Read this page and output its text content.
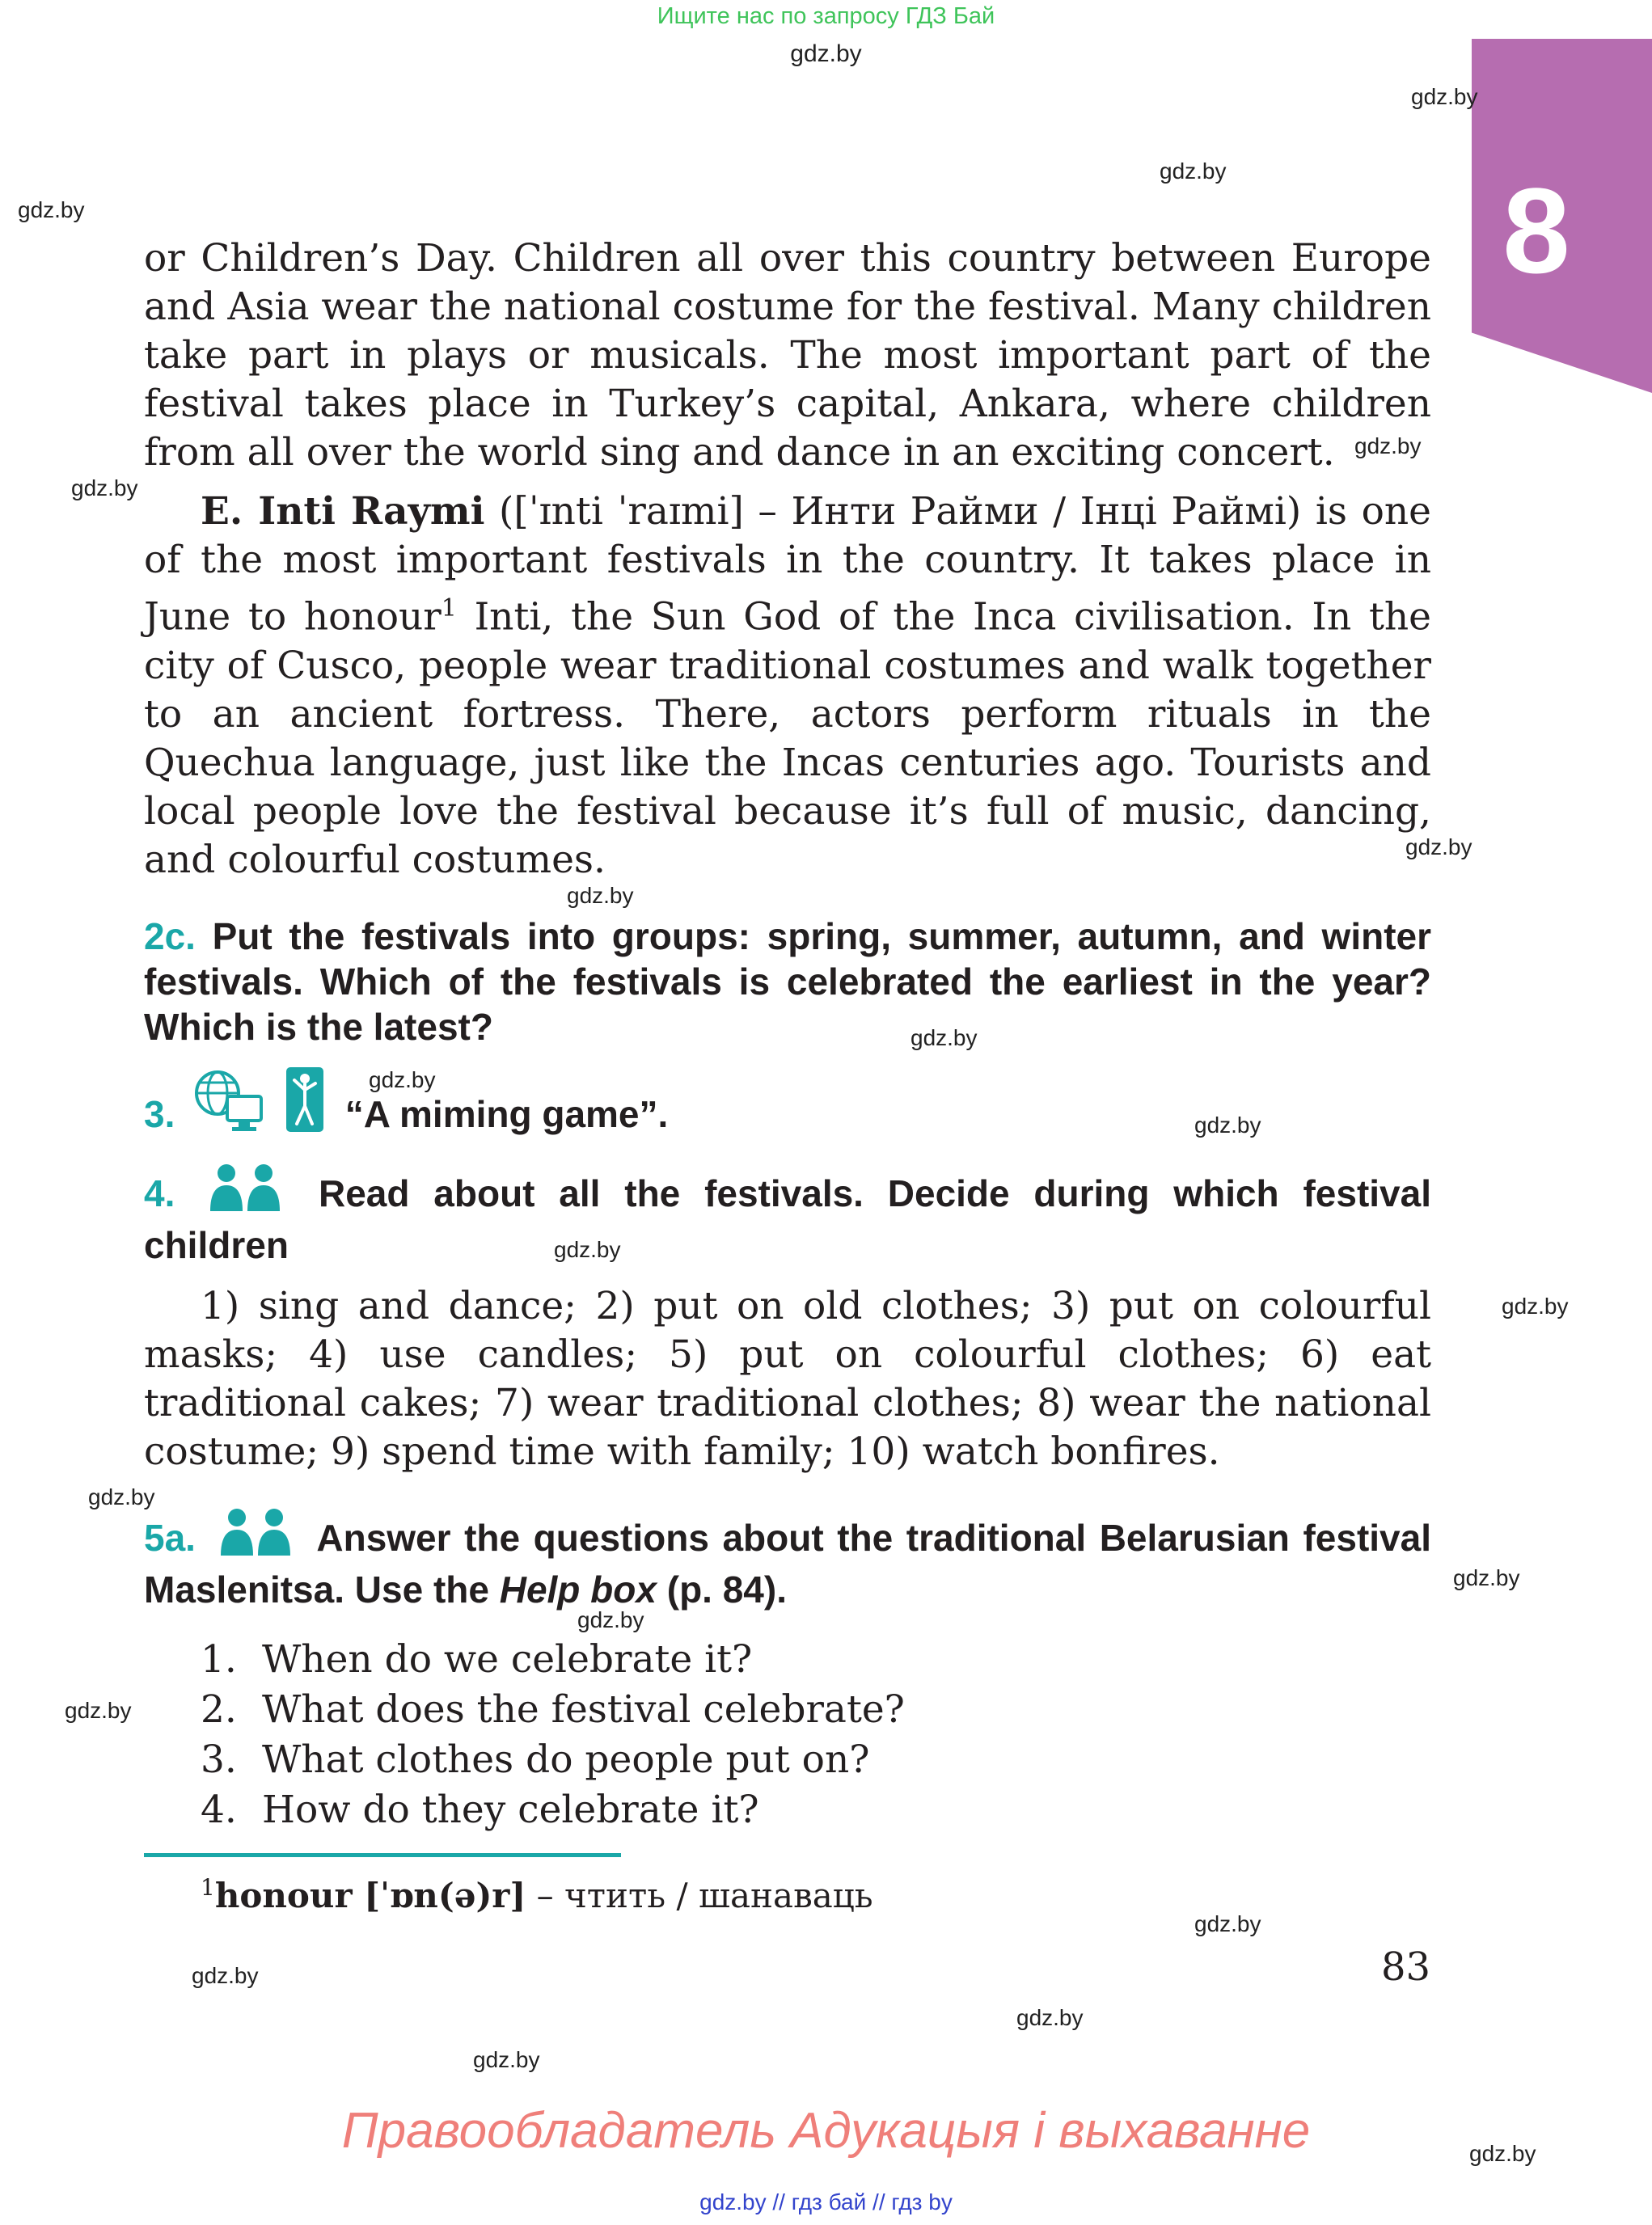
Ищите нас по запросу ГДЗ Бай
gdz.by
8
gdz.by
gdz.by
gdz.by
gdz.by
gdz.by
gdz.by
gdz.by
gdz.by
gdz.by
gdz.by
gdz.by
gdz.by
gdz.by
gdz.by
gdz.by
gdz.by
gdz.by
gdz.by
gdz.by
gdz.by
gdz.by

or Children’s Day. Children all over this country between Europe and Asia wear the national costume for the festival. Many children take part in plays or musicals. The most important part of the festival takes place in Turkey’s capital, Ankara, where children from all over the world sing and dance in an exciting concert.

E. Inti Raymi ([ˈɪnti ˈraɪmi] – Инти Райми / Інці Раймі) is one of the most important festivals in the country. It takes place in June to honour$^1$ Inti, the Sun God of the Inca civilisation. In the city of Cusco, people wear traditional costumes and walk together to an ancient fortress. There, actors perform rituals in the Quechua language, just like the Incas centuries ago. Tourists and local people love the festival because it’s full of music, dancing, and colourful costumes.

2c. Put the festivals into groups: spring, summer, autumn, and winter festivals. Which of the festivals is celebrated the earliest in the year? Which is the latest?
3.	“A miming game”.
4.	Read about all the festivals. Decide during which festival children

1) sing and dance; 2) put on old clothes; 3) put on colourful masks; 4) use candles; 5) put on colourful clothes; 6) eat traditional cakes; 7) wear traditional clothes; 8) wear the national costume; 9) spend time with family; 10) watch bonfires.

5a.	Answer the questions about the traditional Belarusian festival Maslenitsa. Use the Help box (p. 84).
1. When do we celebrate it?
2. What does the festival celebrate?
3. What clothes do people put on?
4. How do they celebrate it?
$^1$honour [ˈɒn(ə)r] – чтить / шанаваць
83
Правообладатель Адукацыя і выхаванне
gdz.by // гдз бай // гдз by
